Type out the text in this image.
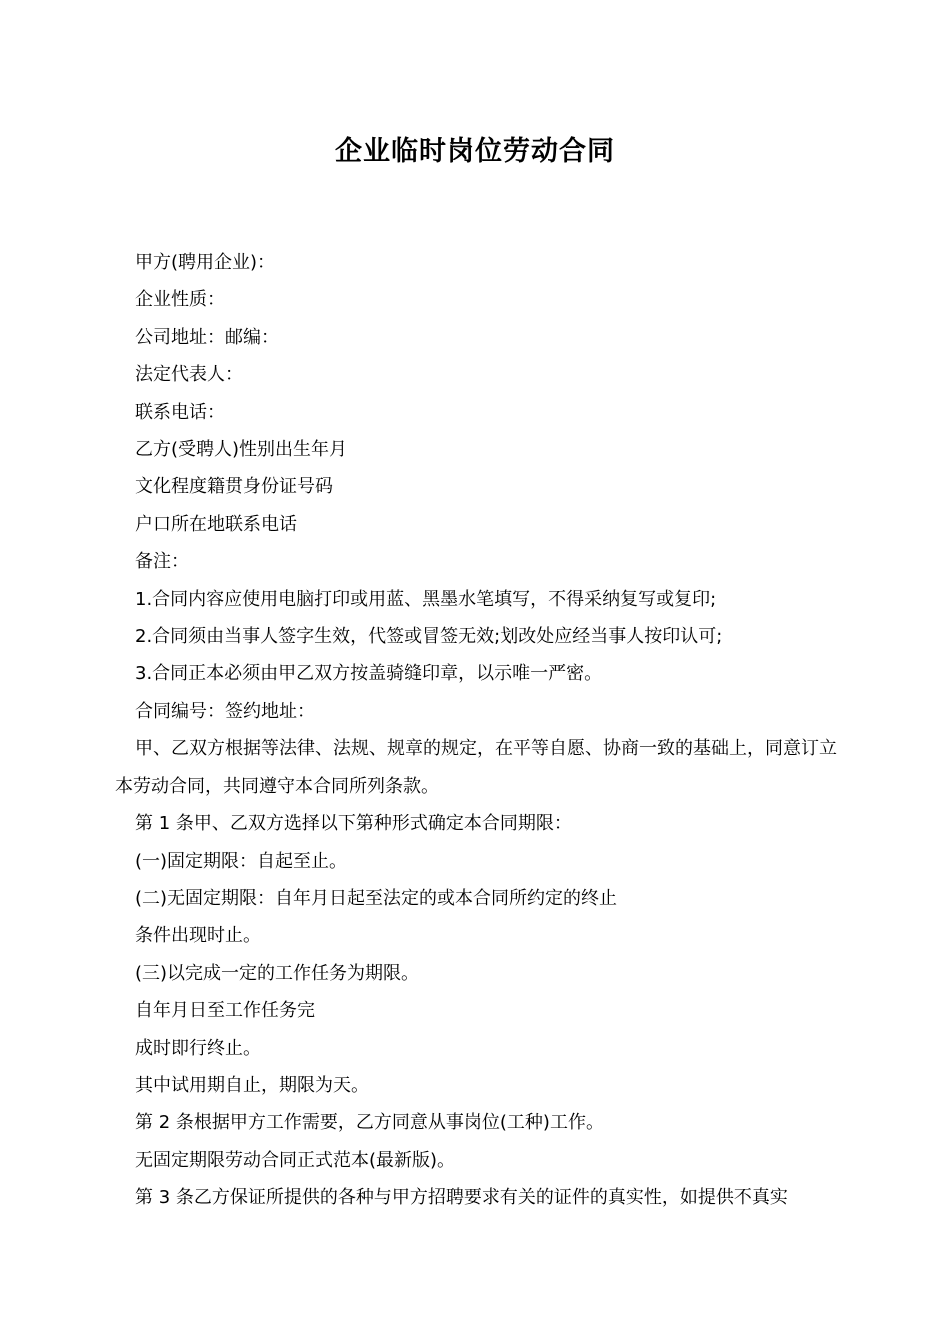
企业临时岗位劳动合同

甲方(聘用企业)：

企业性质：

公司地址：邮编：

法定代表人：

联系电话：

乙方(受聘人)性别出生年月

文化程度籍贯身份证号码

户口所在地联系电话

备注：

1.合同内容应使用电脑打印或用蓝、黑墨水笔填写，不得采纳复写或复印;

2.合同须由当事人签字生效，代签或冒签无效;划改处应经当事人按印认可;

3.合同正本必须由甲乙双方按盖骑缝印章，以示唯一严密。

合同编号：签约地址：

甲、乙双方根据等法律、法规、规章的规定，在平等自愿、协商一致的基础上，同意订立本劳动合同，共同遵守本合同所列条款。

第 1 条甲、乙双方选择以下第种形式确定本合同期限：

(一)固定期限：自起至止。

(二)无固定期限：自年月日起至法定的或本合同所约定的终止

条件出现时止。

(三)以完成一定的工作任务为期限。

自年月日至工作任务完

成时即行终止。

其中试用期自止，期限为天。

第 2 条根据甲方工作需要，乙方同意从事岗位(工种)工作。

无固定期限劳动合同正式范本(最新版)。

第 3 条乙方保证所提供的各种与甲方招聘要求有关的证件的真实性，如提供不真实
